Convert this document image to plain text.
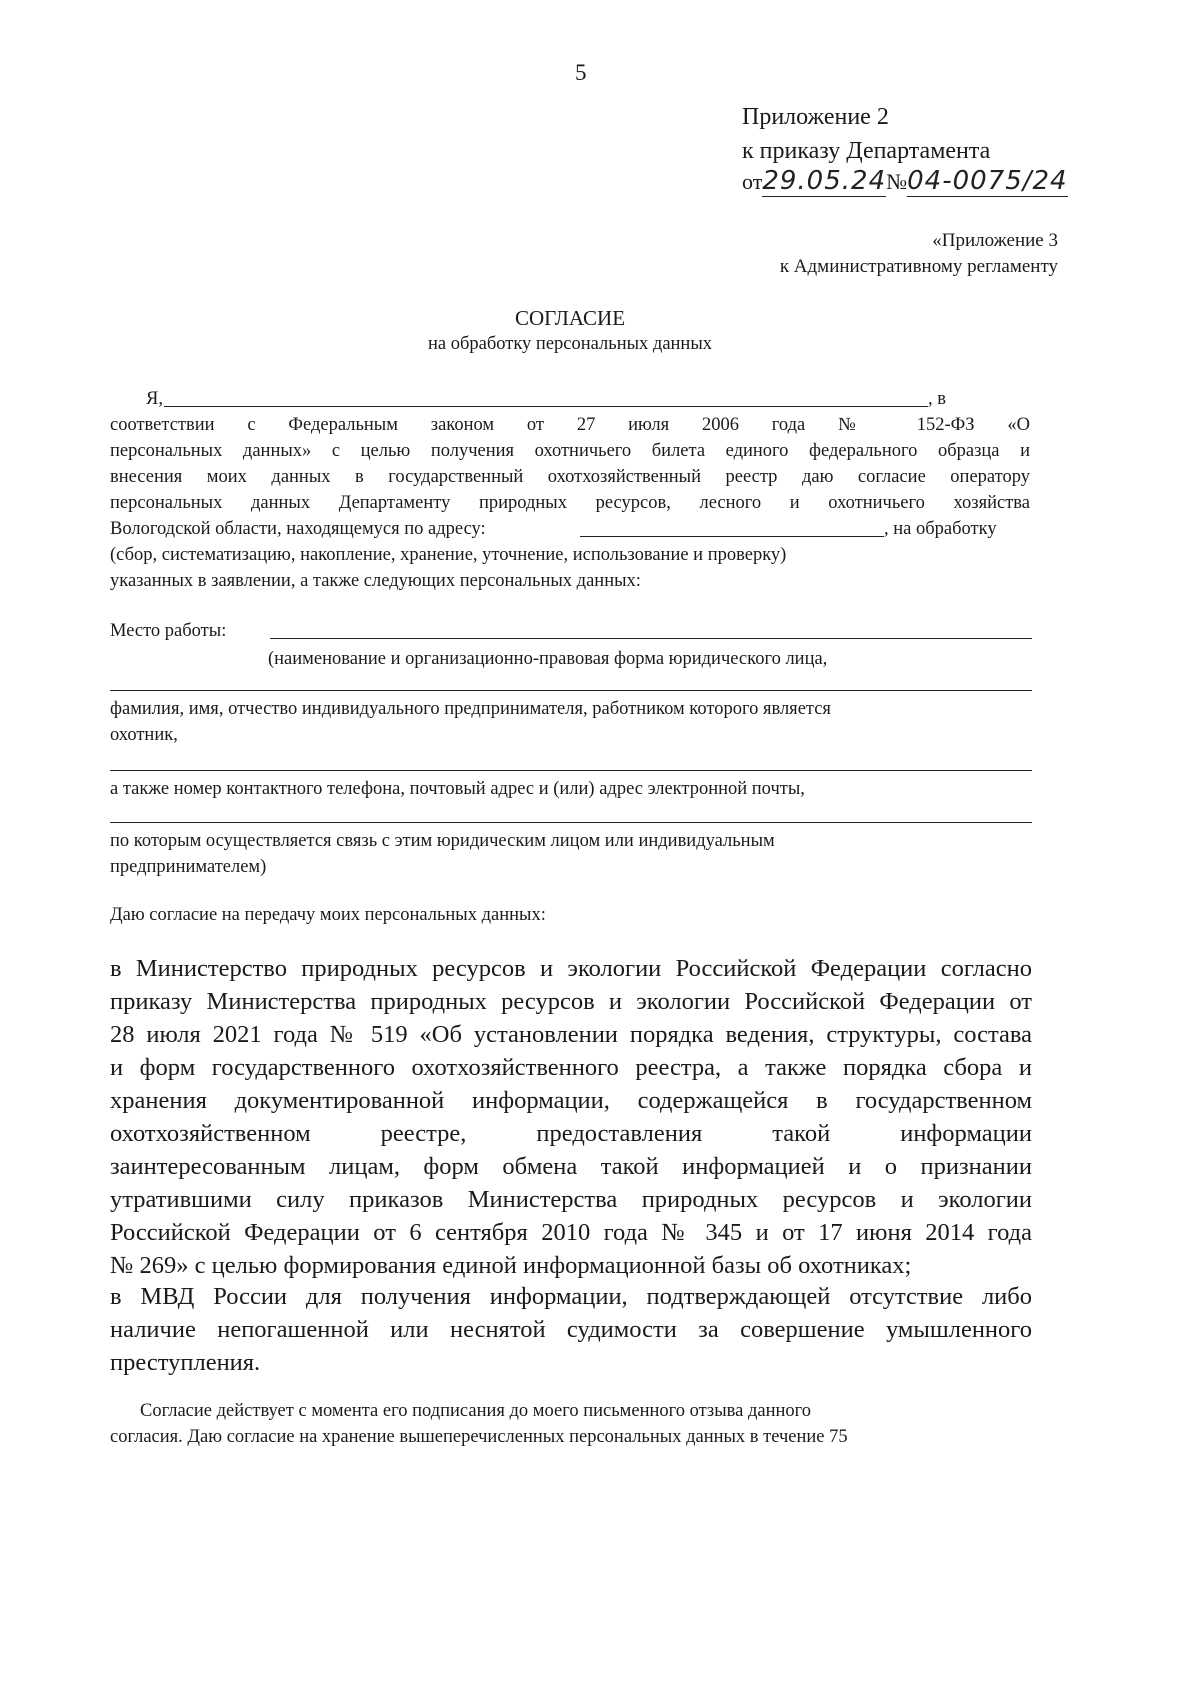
5
Приложение 2
к приказу Департамента
от29.05.24№04-0075/24
«Приложение 3
к Административному регламенту
СОГЛАСИЕ
на обработку персональных данных
Я,	, в
соответствии с Федеральным законом от 27 июля 2006 года № 152-ФЗ «О
персональных данных» с целью получения охотничьего билета единого федерального образца и
внесения моих данных в государственный охотхозяйственный реестр даю согласие оператору
персональных данных Департаменту природных ресурсов, лесного и охотничьего хозяйства
Вологодской области, находящемуся по адресу:	, на обработку
(сбор, систематизацию, накопление, хранение, уточнение, использование и проверку)
указанных в заявлении, а также следующих персональных данных:
Место работы:
(наименование и организационно-правовая форма юридического лица,
фамилия, имя, отчество индивидуального предпринимателя, работником которого является
охотник,
а также номер контактного телефона, почтовый адрес и (или) адрес электронной почты,
по которым осуществляется связь с этим юридическим лицом или индивидуальным
предпринимателем)
Даю согласие на передачу моих персональных данных:
в Министерство природных ресурсов и экологии Российской Федерации согласно
приказу Министерства природных ресурсов и экологии Российской Федерации от
28 июля 2021 года № 519 «Об установлении порядка ведения, структуры, состава
и форм государственного охотхозяйственного реестра, а также порядка сбора и
хранения документированной информации, содержащейся в государственном
охотхозяйственном реестре, предоставления такой информации
заинтересованным лицам, форм обмена такой информацией и о признании
утратившими силу приказов Министерства природных ресурсов и экологии
Российской Федерации от 6 сентября 2010 года № 345 и от 17 июня 2014 года
№ 269» с целью формирования единой информационной базы об охотниках;
в МВД России для получения информации, подтверждающей отсутствие либо
наличие непогашенной или неснятой судимости за совершение умышленного
преступления.
Согласие действует с момента его подписания до моего письменного отзыва данного
согласия. Даю согласие на хранение вышеперечисленных персональных данных в течение 75
